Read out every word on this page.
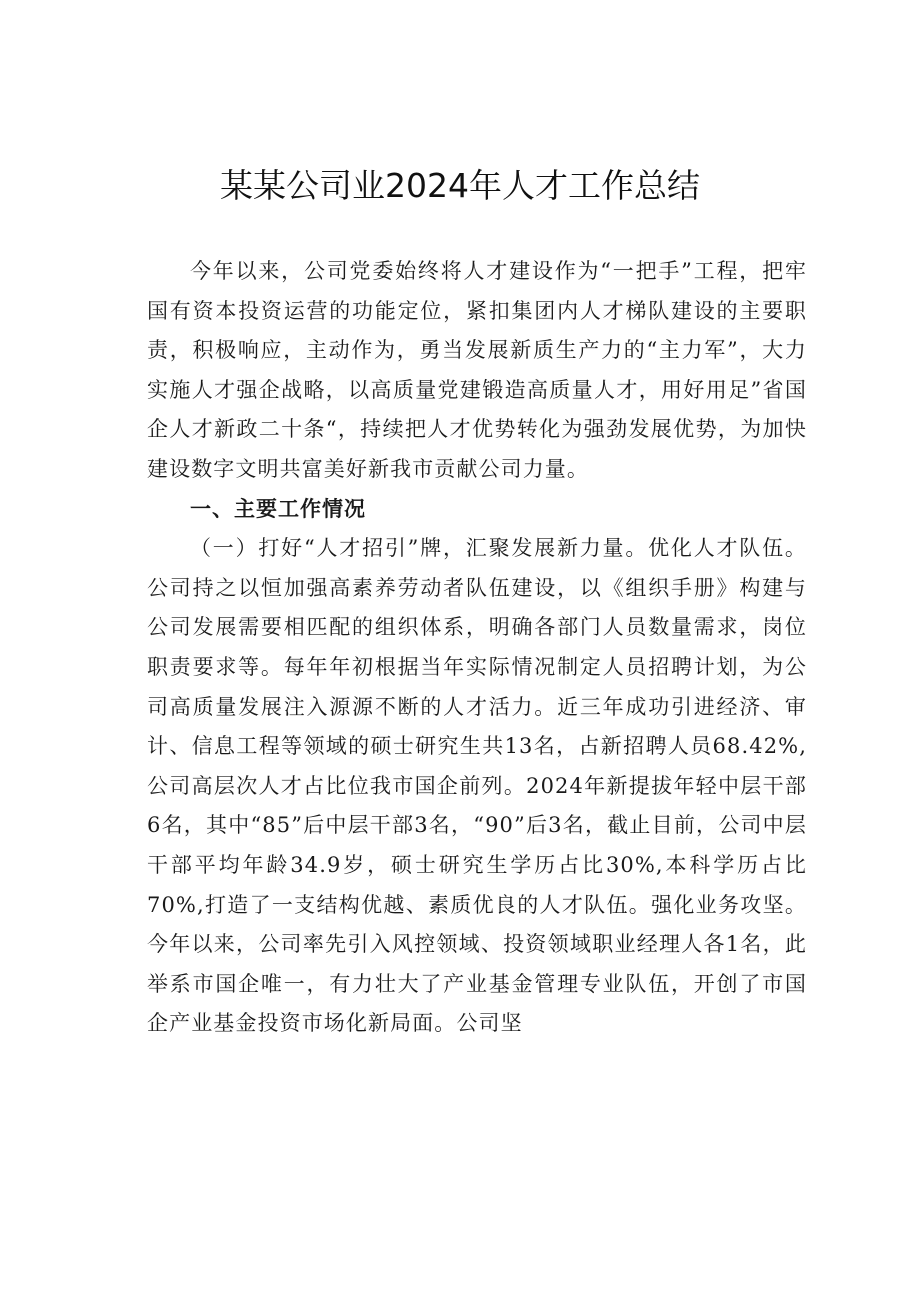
某某公司业2024年人才工作总结

今年以来，公司党委始终将人才建设作为“一把手”工程，把牢国有资本投资运营的功能定位，紧扣集团内人才梯队建设的主要职责，积极响应，主动作为，勇当发展新质生产力的“主力军”，大力实施人才强企战略，以高质量党建锻造高质量人才，用好用足”省国企人才新政二十条“，持续把人才优势转化为强劲发展优势，为加快建设数字文明共富美好新我市贡献公司力量。

一、主要工作情况

（一）打好“人才招引”牌，汇聚发展新力量。优化人才队伍。公司持之以恒加强高素养劳动者队伍建设，以《组织手册》构建与公司发展需要相匹配的组织体系，明确各部门人员数量需求，岗位职责要求等。每年年初根据当年实际情况制定人员招聘计划，为公司高质量发展注入源源不断的人才活力。近三年成功引进经济、审计、信息工程等领域的硕士研究生共13名，占新招聘人员68.42%,公司高层次人才占比位我市国企前列。2024年新提拔年轻中层干部6名，其中“85”后中层干部3名，“90”后3名，截止目前，公司中层干部平均年龄34.9岁，硕士研究生学历占比30%,本科学历占比70%,打造了一支结构优越、素质优良的人才队伍。强化业务攻坚。今年以来，公司率先引入风控领域、投资领域职业经理人各1名，此举系市国企唯一，有力壮大了产业基金管理专业队伍，开创了市国企产业基金投资市场化新局面。公司坚
